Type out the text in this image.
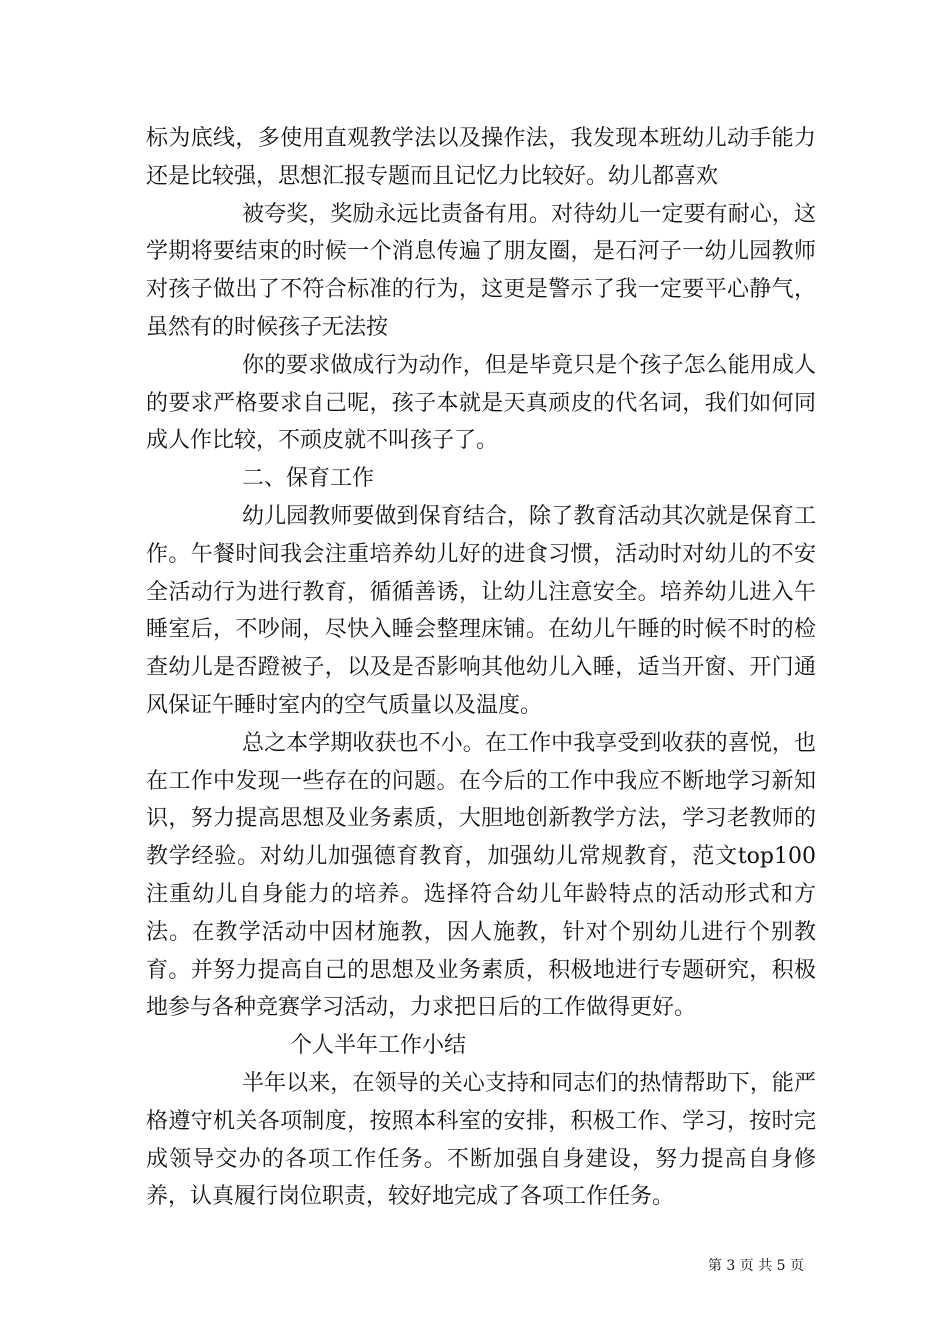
标为底线，多使用直观教学法以及操作法，我发现本班幼儿动手能力还是比较强，思想汇报专题而且记忆力比较好。幼儿都喜欢

被夸奖，奖励永远比责备有用。对待幼儿一定要有耐心，这学期将要结束的时候一个消息传遍了朋友圈，是石河子一幼儿园教师对孩子做出了不符合标准的行为，这更是警示了我一定要平心静气，虽然有的时候孩子无法按

你的要求做成行为动作，但是毕竟只是个孩子怎么能用成人的要求严格要求自己呢，孩子本就是天真顽皮的代名词，我们如何同成人作比较，不顽皮就不叫孩子了。

二、保育工作

幼儿园教师要做到保育结合，除了教育活动其次就是保育工作。午餐时间我会注重培养幼儿好的进食习惯，活动时对幼儿的不安全活动行为进行教育，循循善诱，让幼儿注意安全。培养幼儿进入午睡室后，不吵闹，尽快入睡会整理床铺。在幼儿午睡的时候不时的检查幼儿是否蹬被子，以及是否影响其他幼儿入睡，适当开窗、开门通风保证午睡时室内的空气质量以及温度。

总之本学期收获也不小。在工作中我享受到收获的喜悦，也在工作中发现一些存在的问题。在今后的工作中我应不断地学习新知识，努力提高思想及业务素质，大胆地创新教学方法，学习老教师的教学经验。对幼儿加强德育教育，加强幼儿常规教育，范文top100注重幼儿自身能力的培养。选择符合幼儿年龄特点的活动形式和方法。在教学活动中因材施教，因人施教，针对个别幼儿进行个别教育。并努力提高自己的思想及业务素质，积极地进行专题研究，积极地参与各种竞赛学习活动，力求把日后的工作做得更好。

个人半年工作小结

半年以来，在领导的关心支持和同志们的热情帮助下，能严格遵守机关各项制度，按照本科室的安排，积极工作、学习，按时完成领导交办的各项工作任务。不断加强自身建设，努力提高自身修养，认真履行岗位职责，较好地完成了各项工作任务。

第 3 页 共 5 页
